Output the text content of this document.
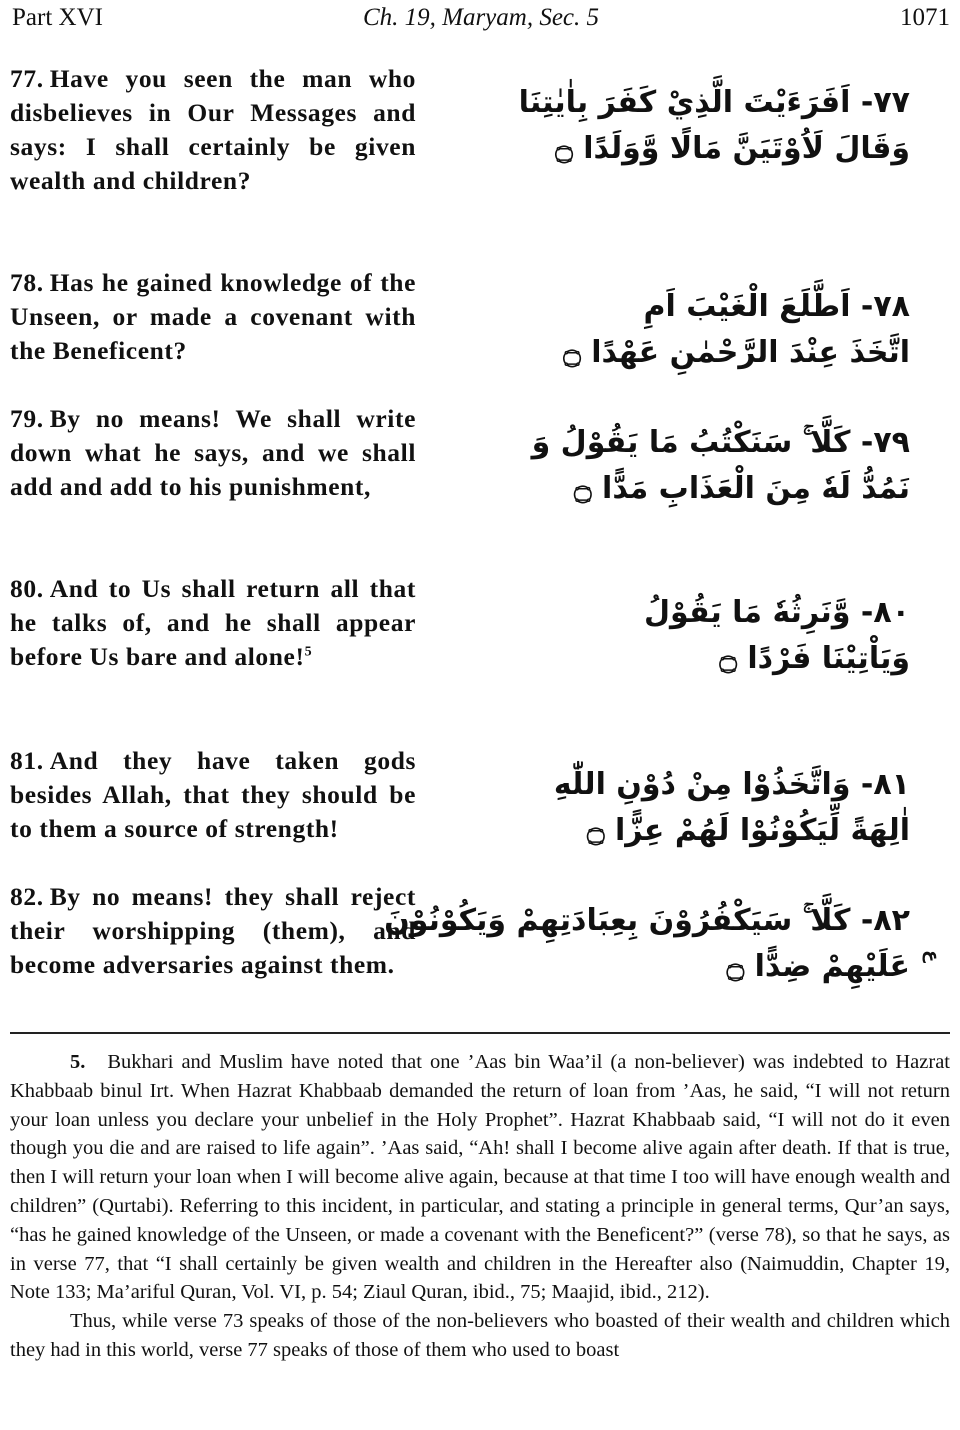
Part XVI	Ch. 19, Maryam, Sec. 5	1071
77. Have you seen the man who disbelieves in Our Messages and says: I shall certainly be given wealth and children?
٧٧- اَفَرَءَيْتَ الَّذِيْ كَفَرَ بِاٰيٰتِنَا
وَقَالَ لَاُوْتَيَنَّ مَالًا وَّوَلَدًا ۝
78. Has he gained knowledge of the Unseen, or made a covenant with the Beneficent?
٧٨- اَطَّلَعَ الْغَيْبَ اَمِ
اتَّخَذَ عِنْدَ الرَّحْمٰنِ عَهْدًا ۝
79. By no means! We shall write down what he says, and we shall add and add to his punishment,
٧٩- كَلَّا ۚ سَنَكْتُبُ مَا يَقُوْلُ وَ
نَمُدُّ لَهٗ مِنَ الْعَذَابِ مَدًّا ۝
80. And to Us shall return all that he talks of, and he shall appear before Us bare and alone!$^5$
٨٠- وَّنَرِثُهٗ مَا يَقُوْلُ
وَيَاْتِيْنَا فَرْدًا ۝
81. And they have taken gods besides Allah, that they should be to them a source of strength!
٨١- وَاتَّخَذُوْا مِنْ دُوْنِ اللّٰهِ
اٰلِهَةً لِّيَكُوْنُوْا لَهُمْ عِزًّا ۝
82. By no means! they shall reject their worshipping (them), and become adversaries against them.
٨٢- كَلَّا ۚ سَيَكْفُرُوْنَ بِعِبَادَتِهِمْ وَيَكُوْنُوْنَ
عَلَيْهِمْ ضِدًّا ۝ ع

5. Bukhari and Muslim have noted that one ’Aas bin Waa’il (a non-believer) was indebted to Hazrat Khabbaab binul Irt. When Hazrat Khabbaab demanded the return of loan from ’Aas, he said, “I will not return your loan unless you declare your unbelief in the Holy Prophet”. Hazrat Khabbaab said, “I will not do it even though you die and are raised to life again”. ’Aas said, “Ah! shall I become alive again after death. If that is true, then I will return your loan when I will become alive again, because at that time I too will have enough wealth and children” (Qurtabi). Referring to this incident, in particular, and stating a principle in general terms, Qur’an says, “has he gained knowledge of the Unseen, or made a covenant with the Beneficent?” (verse 78), so that he says, as in verse 77, that “I shall certainly be given wealth and children in the Hereafter also (Naimuddin, Chapter 19, Note 133; Ma’ariful Quran, Vol. VI, p. 54; Ziaul Quran, ibid., 75; Maajid, ibid., 212).

Thus, while verse 73 speaks of those of the non-believers who boasted of their wealth and children which they had in this world, verse 77 speaks of those of them who used to boast
